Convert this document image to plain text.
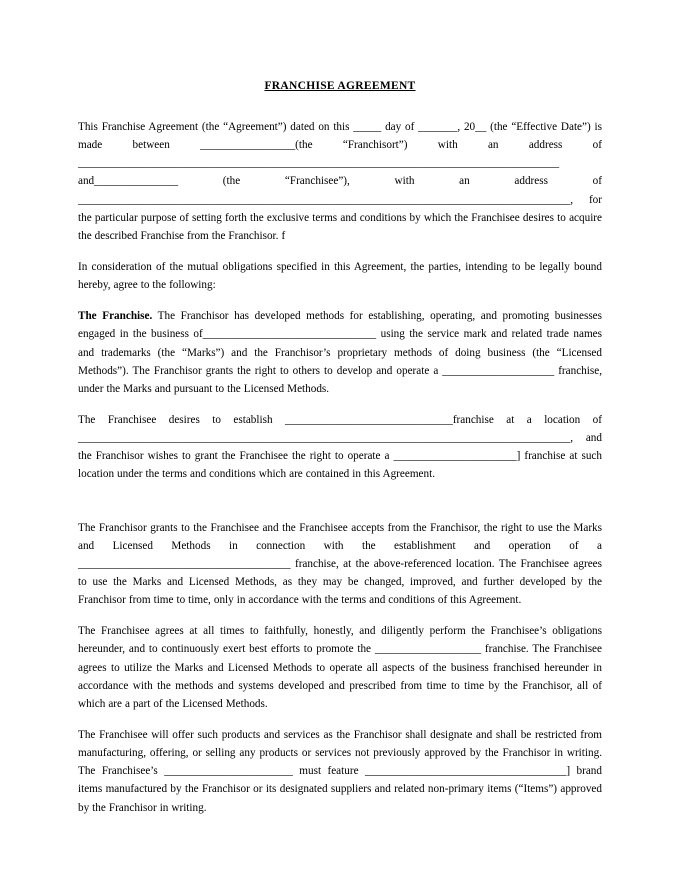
FRANCHISE AGREEMENT

This Franchise Agreement (the “Agreement”) dated on this _____ day of _______, 20__ (the “Effective Date”) is made between _________________(the “Franchisort”) with an address of ______________________________________________________________________________________ and_______________ (the “Franchisee”), with an address of ________________________________________________________________________________________, for the particular purpose of setting forth the exclusive terms and conditions by which the Franchisee desires to acquire the described Franchise from the Franchisor. f

In consideration of the mutual obligations specified in this Agreement, the parties, intending to be legally bound hereby, agree to the following:

The Franchise. The Franchisor has developed methods for establishing, operating, and promoting businesses engaged in the business of_______________________________ using the service mark and related trade names and trademarks (the “Marks”) and the Franchisor’s proprietary methods of doing business (the “Licensed Methods”). The Franchisor grants the right to others to develop and operate a ____________________ franchise, under the Marks and pursuant to the Licensed Methods.

The Franchisee desires to establish ______________________________franchise at a location of ________________________________________________________________________________________, and the Franchisor wishes to grant the Franchisee the right to operate a ______________________] franchise at such location under the terms and conditions which are contained in this Agreement.

The Franchisor grants to the Franchisee and the Franchisee accepts from the Franchisor, the right to use the Marks and Licensed Methods in connection with the establishment and operation of a ______________________________________ franchise, at the above-referenced location. The Franchisee agrees to use the Marks and Licensed Methods, as they may be changed, improved, and further developed by the Franchisor from time to time, only in accordance with the terms and conditions of this Agreement.

The Franchisee agrees at all times to faithfully, honestly, and diligently perform the Franchisee’s obligations hereunder, and to continuously exert best efforts to promote the ___________________ franchise. The Franchisee agrees to utilize the Marks and Licensed Methods to operate all aspects of the business franchised hereunder in accordance with the methods and systems developed and prescribed from time to time by the Franchisor, all of which are a part of the Licensed Methods.

The Franchisee will offer such products and services as the Franchisor shall designate and shall be restricted from manufacturing, offering, or selling any products or services not previously approved by the Franchisor in writing. The Franchisee’s _______________________ must feature ____________________________________] brand items manufactured by the Franchisor or its designated suppliers and related non-primary items (“Items”) approved by the Franchisor in writing.
